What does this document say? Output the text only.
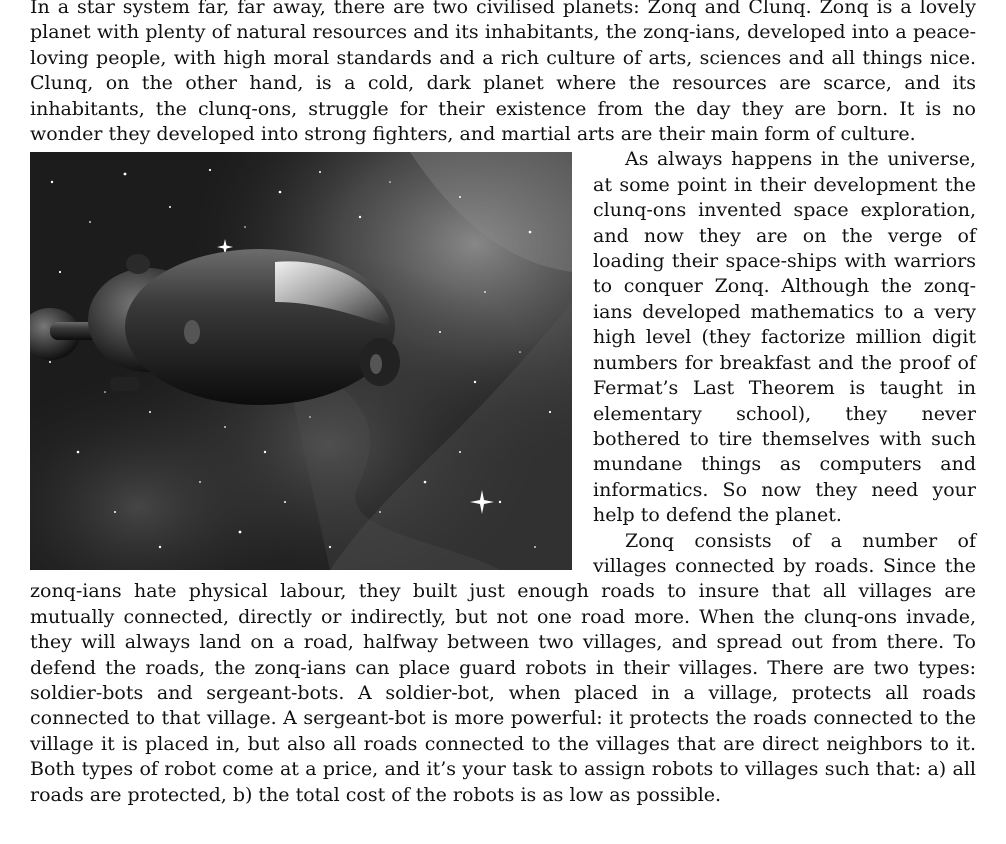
In a star system far, far away, there are two civilised planets: Zonq and Clunq. Zonq is a lovely planet with plenty of natural resources and its inhabitants, the zonq-ians, developed into a peace-loving people, with high moral standards and a rich culture of arts, sciences and all things nice. Clunq, on the other hand, is a cold, dark planet where the resources are scarce, and its inhabitants, the clunq-ons, struggle for their existence from the day they are born. It is no wonder they developed into strong fighters, and martial arts are their main form of culture.

As always happens in the universe, at some point in their development the clunq-ons invented space exploration, and now they are on the verge of loading their space-ships with warriors to conquer Zonq. Although the zonq-ians developed mathematics to a very high level (they factorize million digit numbers for breakfast and the proof of Fermat’s Last Theorem is taught in elementary school), they never bothered to tire themselves with such mundane things as computers and informatics. So now they need your help to defend the planet.

Zonq consists of a number of villages connected by roads. Since the zonq-ians hate physical labour, they built just enough roads to insure that all villages are mutually connected, directly or indirectly, but not one road more. When the clunq-ons invade, they will always land on a road, halfway between two villages, and spread out from there. To defend the roads, the zonq-ians can place guard robots in their villages. There are two types: soldier-bots and sergeant-bots. A soldier-bot, when placed in a village, protects all roads connected to that village. A sergeant-bot is more powerful: it protects the roads connected to the village it is placed in, but also all roads connected to the villages that are direct neighbors to it. Both types of robot come at a price, and it’s your task to assign robots to villages such that: a) all roads are protected, b) the total cost of the robots is as low as possible.
